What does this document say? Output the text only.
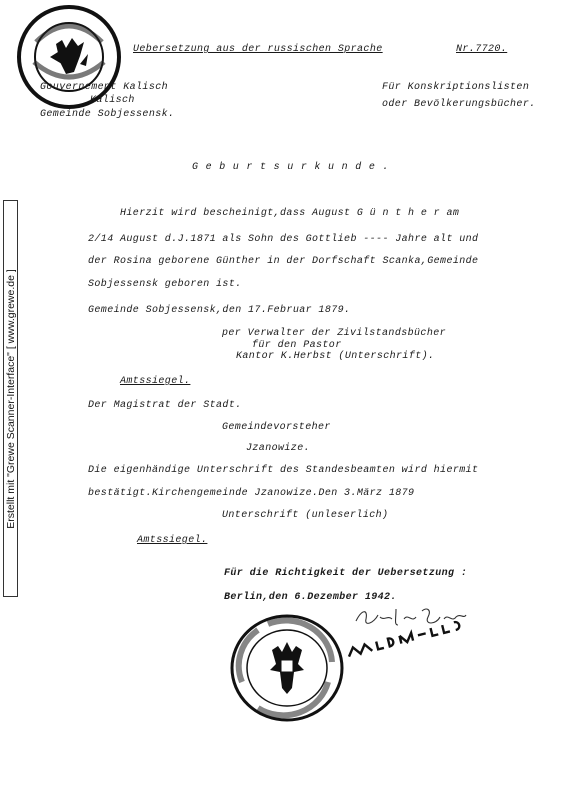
Erstellt mit "Grewe Scanner-Interface" [ www.grewe.de ]
Uebersetzung aus der russischen Sprache	Nr.7720.
Gouvernement Kalisch
Kalisch
Gemeinde Sobjessensk.
Für Konskriptionslisten
oder Bevölkerungsbücher.
G e b u r t s u r k u n d e .
Hierzit wird bescheinigt,dass August G ü n t h e r am
2/14 August d.J.1871 als Sohn des Gottlieb ---- Jahre alt und
der Rosina geborene Günther in der Dorfschaft Scanka,Gemeinde
Sobjessensk geboren ist.
Gemeinde Sobjessensk,den 17.Februar 1879.
per Verwalter der Zivilstandsbücher
für den Pastor
Kantor K.Herbst (Unterschrift).
Amtssiegel.
Der Magistrat der Stadt.
Gemeindevorsteher
Jzanowize.
Die eigenhändige Unterschrift des Standesbeamten wird hiermit
bestätigt.Kirchengemeinde Jzanowize.Den 3.März 1879
Unterschrift (unleserlich)
Amtssiegel.
Für die Richtigkeit der Uebersetzung :
Berlin,den 6.Dezember 1942.
